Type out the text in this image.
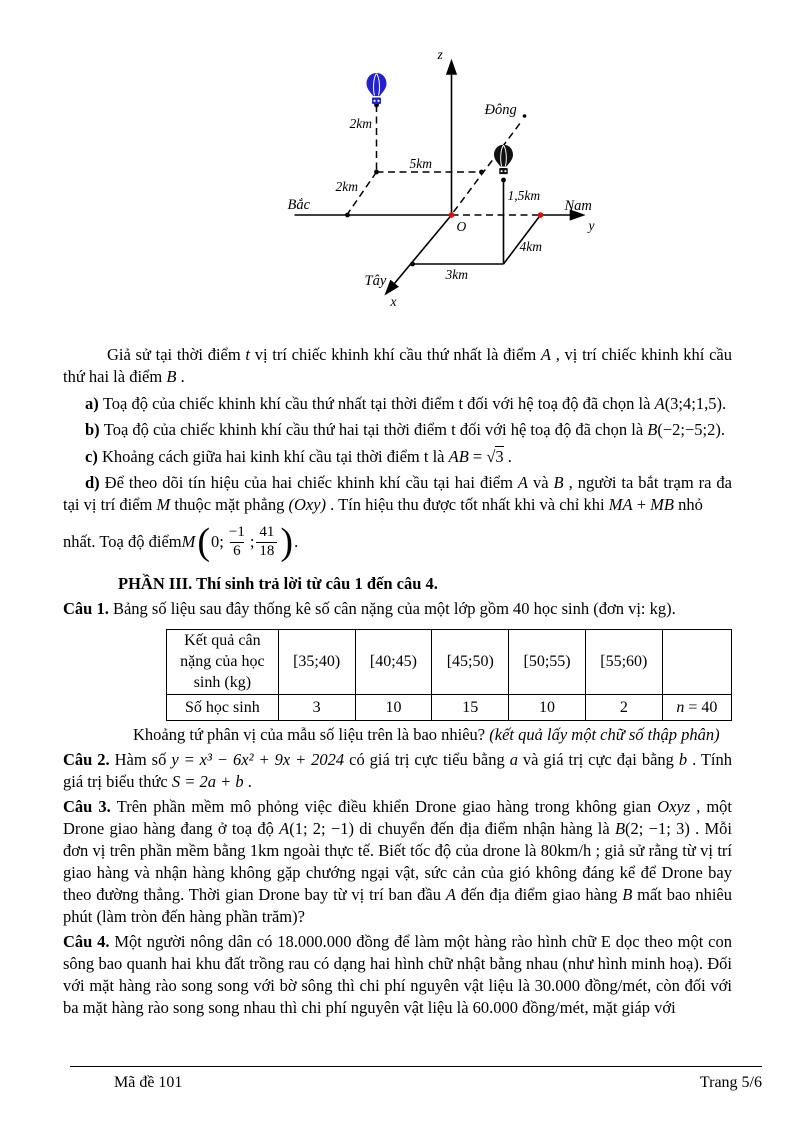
z
x
y
O
Bắc	Nam
Tây
Đông
2km
5km
2km
1,5km
4km
3km

Giả sử tại thời điểm t vị trí chiếc khinh khí cầu thứ nhất là điểm A , vị trí chiếc khinh khí cầu thứ hai là điểm B .

a) Toạ độ của chiếc khinh khí cầu thứ nhất tại thời điểm t đối với hệ toạ độ đã chọn là A(3;4;1,5).

b) Toạ độ của chiếc khinh khí cầu thứ hai tại thời điểm t đối với hệ toạ độ đã chọn là B(−2;−5;2).

c) Khoảng cách giữa hai kinh khí cầu tại thời điểm t là AB = √3 .

d) Để theo dõi tín hiệu của hai chiếc khinh khí cầu tại hai điểm A và B , người ta bắt trạm ra đa tại vị trí điểm M thuộc mặt phẳng (Oxy) . Tín hiệu thu được tốt nhất khi và chỉ khi MA + MB nhỏ

nhất. Toạ độ điểm M ( 0; $\frac{-1}{6}$ ; $\frac{41}{18}$ ) .

PHẦN III. Thí sinh trả lời từ câu 1 đến câu 4.

Câu 1. Bảng số liệu sau đây thống kê số cân nặng của một lớp gồm 40 học sinh (đơn vị: kg).

Kết quả cân nặng của học sinh (kg)	[35;40)	[40;45)	[45;50)	[50;55)	[55;60)	
Số học sinh	3	10	15	10	2	n = 40

Khoảng tứ phân vị của mẫu số liệu trên là bao nhiêu? (kết quả lấy một chữ số thập phân)

Câu 2. Hàm số y = x³ − 6x² + 9x + 2024 có giá trị cực tiểu bằng a và giá trị cực đại bằng b . Tính giá trị biểu thức S = 2a + b .

Câu 3. Trên phần mềm mô phỏng việc điều khiển Drone giao hàng trong không gian Oxyz , một Drone giao hàng đang ở toạ độ A(1; 2; −1) di chuyển đến địa điểm nhận hàng là B(2; −1; 3) . Mỗi đơn vị trên phần mềm bằng 1km ngoài thực tế. Biết tốc độ của drone là 80km/h ; giả sử rằng từ vị trí giao hàng và nhận hàng không gặp chướng ngại vật, sức cản của gió không đáng kể để Drone bay theo đường thẳng. Thời gian Drone bay từ vị trí ban đầu A đến địa điểm giao hàng B mất bao nhiêu phút (làm tròn đến hàng phần trăm)?

Câu 4. Một người nông dân có 18.000.000 đồng để làm một hàng rào hình chữ E dọc theo một con sông bao quanh hai khu đất trồng rau có dạng hai hình chữ nhật bằng nhau (như hình minh hoạ). Đối với mặt hàng rào song song với bờ sông thì chi phí nguyên vật liệu là 30.000 đồng/mét, còn đối với ba mặt hàng rào song song nhau thì chi phí nguyên vật liệu là 60.000 đồng/mét, mặt giáp với

Mã đề 101	Trang 5/6
